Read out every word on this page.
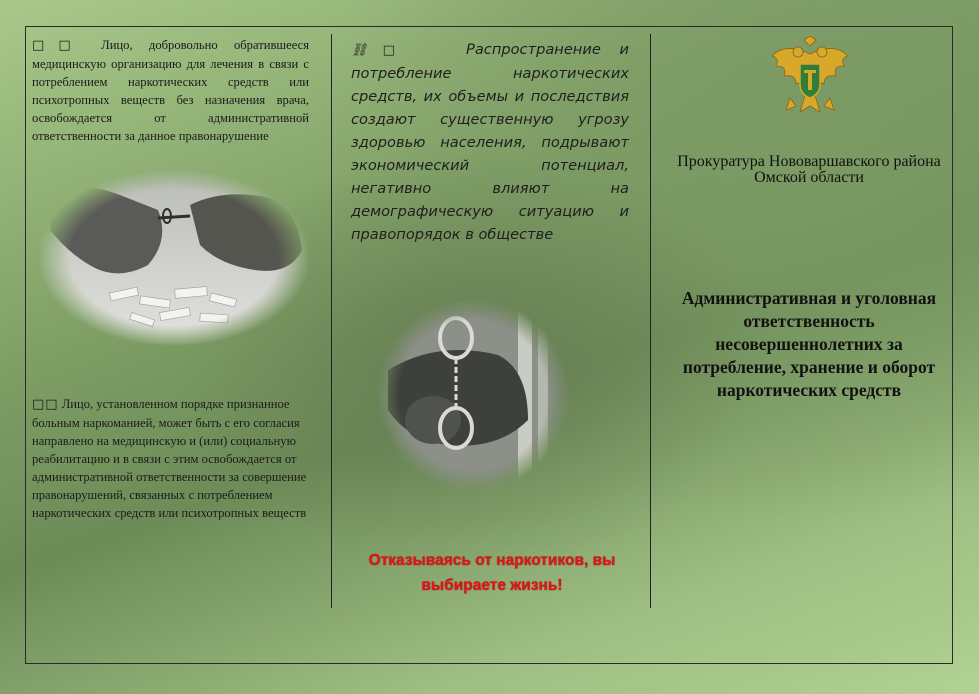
□□ Лицо, добровольно обратившееся медицинскую организацию для лечения в связи с потреблением наркотических средств или психотропных веществ без назначения врача, освобождается от административной ответственности за данное правонарушение
□□ Лицо, установленном порядке признанное больным наркоманией, может быть с его согласия направлено на медицинскую и (или) социальную реабилитацию и в связи с этим освобождается от административной ответственности за совершение правонарушений, связанных с потреблением наркотических средств или психотропных веществ
⛓□	Распространение и потребление наркотических средств, их объемы и последствия создают существенную угрозу здоровью населения, подрывают экономический потенциал, негативно влияют на демографическую ситуацию и правопорядок в обществе
Отказываясь от наркотиков, вы выбираете жизнь!
Прокуратура Нововаршавского района Омской области
Административная и уголовная ответственность несовершеннолетних за потребление, хранение и оборот наркотических средств
